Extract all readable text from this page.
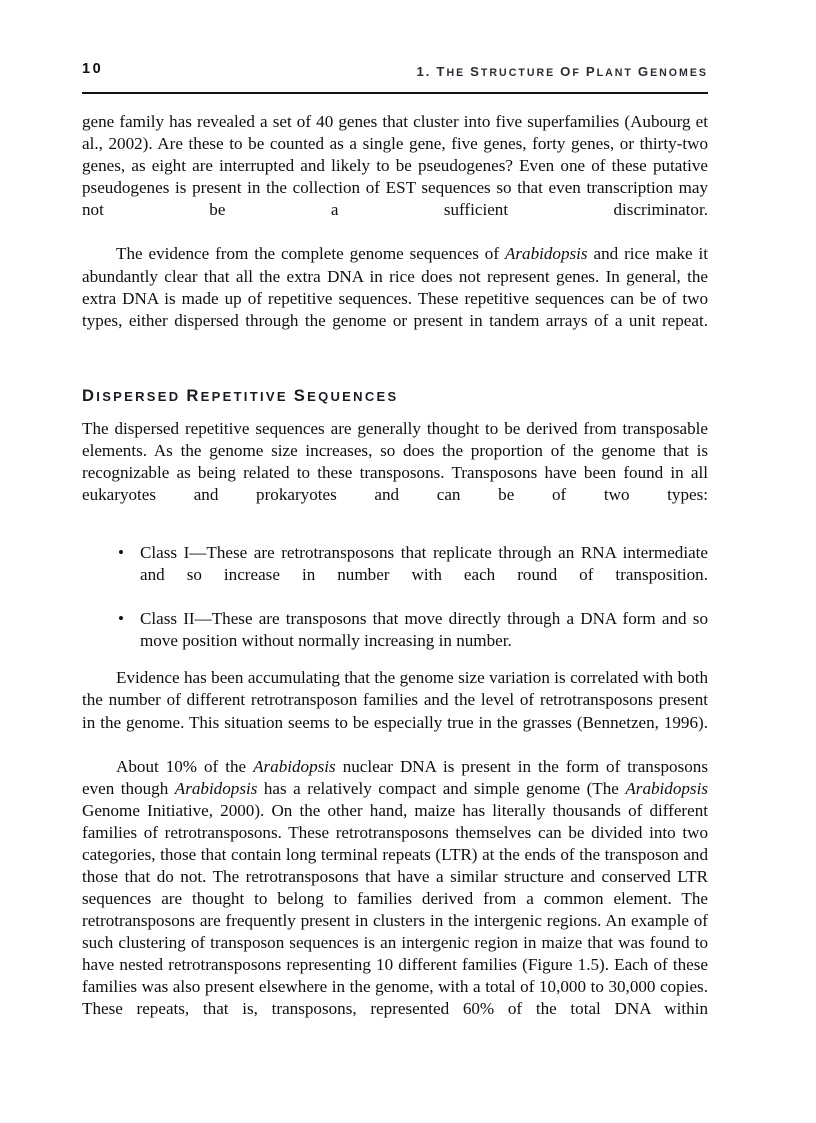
10	1. THE STRUCTURE OF PLANT GENOMES

gene family has revealed a set of 40 genes that cluster into five superfamilies (Aubourg et al., 2002). Are these to be counted as a single gene, five genes, forty genes, or thirty-two genes, as eight are interrupted and likely to be pseudogenes? Even one of these putative pseudogenes is present in the collection of EST sequences so that even transcription may not be a sufficient discriminator.

The evidence from the complete genome sequences of Arabidopsis and rice make it abundantly clear that all the extra DNA in rice does not represent genes. In general, the extra DNA is made up of repetitive sequences. These repetitive sequences can be of two types, either dispersed through the genome or present in tandem arrays of a unit repeat.

DISPERSED REPETITIVE SEQUENCES

The dispersed repetitive sequences are generally thought to be derived from transposable elements. As the genome size increases, so does the proportion of the genome that is recognizable as being related to these transposons. Transposons have been found in all eukaryotes and prokaryotes and can be of two types:

• Class I—These are retrotransposons that replicate through an RNA intermediate and so increase in number with each round of transposition.
• Class II—These are transposons that move directly through a DNA form and so move position without normally increasing in number.

Evidence has been accumulating that the genome size variation is correlated with both the number of different retrotransposon families and the level of retrotransposons present in the genome. This situation seems to be especially true in the grasses (Bennetzen, 1996).

About 10% of the Arabidopsis nuclear DNA is present in the form of transposons even though Arabidopsis has a relatively compact and simple genome (The Arabidopsis Genome Initiative, 2000). On the other hand, maize has literally thousands of different families of retrotransposons. These retrotransposons themselves can be divided into two categories, those that contain long terminal repeats (LTR) at the ends of the transposon and those that do not. The retrotransposons that have a similar structure and conserved LTR sequences are thought to belong to families derived from a common element. The retrotransposons are frequently present in clusters in the intergenic regions. An example of such clustering of transposon sequences is an intergenic region in maize that was found to have nested retrotransposons representing 10 different families (Figure 1.5). Each of these families was also present elsewhere in the genome, with a total of 10,000 to 30,000 copies. These repeats, that is, transposons, represented 60% of the total DNA within
